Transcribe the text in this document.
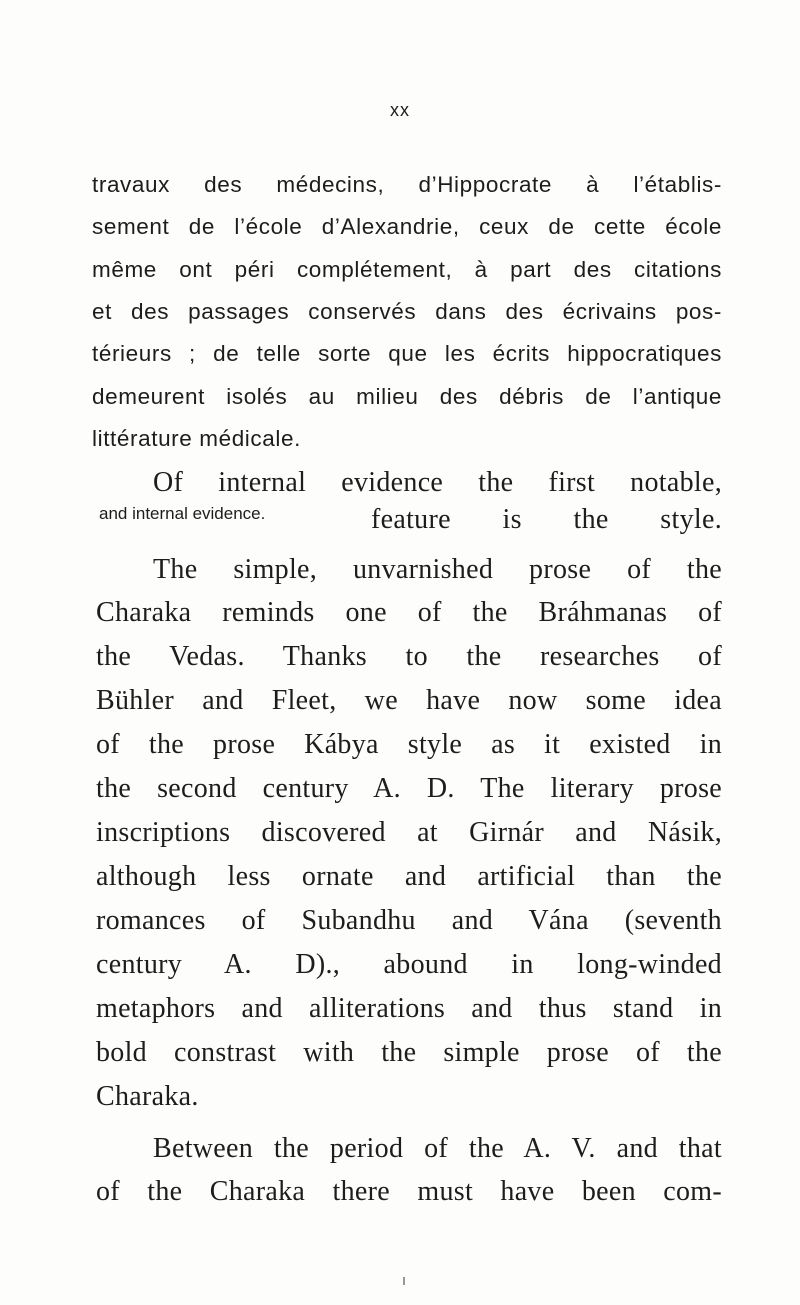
xx
travaux des médecins, d’Hippocrate à l’établis-
sement de l’école d’Alexandrie, ceux de cette école
même ont péri complétement, à part des citations
et des passages conservés dans des écrivains pos-
térieurs ; de telle sorte que les écrits hippocratiques
demeurent isolés au milieu des débris de l’antique
littérature médicale.
and internal evidence.
Of internal evidence the first notable,
feature is the style.
The simple, unvarnished prose of the
Charaka reminds one of the Bráhmanas of
the Vedas. Thanks to the researches of
Bühler and Fleet, we have now some idea
of the prose Kábya style as it existed in
the second century A. D. The literary prose
inscriptions discovered at Girnár and Násik,
although less ornate and artificial than the
romances of Subandhu and Vána (seventh
century A. D)., abound in long-winded
metaphors and alliterations and thus stand in
bold constrast with the simple prose of the
Charaka.
Between the period of the A. V. and that
of the Charaka there must have been com-
